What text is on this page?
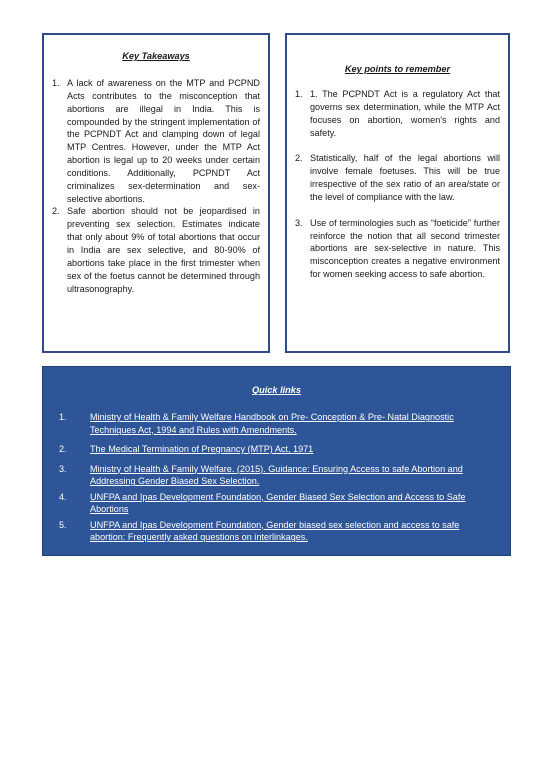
Key Takeaways
1. A lack of awareness on the MTP and PCPND Acts contributes to the misconception that abortions are illegal in India. This is compounded by the stringent implementation of the PCPNDT Act and clamping down of legal MTP Centres. However, under the MTP Act abortion is legal up to 20 weeks under certain conditions. Additionally, PCPNDT Act criminalizes sex-determination and sex-selective abortions.
2. Safe abortion should not be jeopardised in preventing sex selection. Estimates indicate that only about 9% of total abortions that occur in India are sex selective, and 80-90% of abortions take place in the first trimester when sex of the foetus cannot be determined through ultrasonography.
Key points to remember
1. 1. The PCPNDT Act is a regulatory Act that governs sex determination, while the MTP Act focuses on abortion, women's rights and safety.
2. Statistically, half of the legal abortions will involve female foetuses. This will be true irrespective of the sex ratio of an area/state or the level of compliance with the law.
3. Use of terminologies such as “foeticide” further reinforce the notion that all second trimester abortions are sex-selective in nature. This misconception creates a negative environment for women seeking access to safe abortion.
Quick links
1.	Ministry of Health & Family Welfare Handbook on Pre- Conception & Pre- Natal Diagnostic Techniques Act, 1994 and Rules with Amendments.
2.	The Medical Termination of Pregnancy (MTP) Act, 1971
3.	Ministry of Health & Family Welfare. (2015). Guidance: Ensuring Access to safe Abortion and Addressing Gender Biased Sex Selection.
4.	UNFPA and Ipas Development Foundation, Gender Biased Sex Selection and Access to Safe Abortions
5.	UNFPA and Ipas Development Foundation, Gender biased sex selection and access to safe abortion: Frequently asked questions on interlinkages.
